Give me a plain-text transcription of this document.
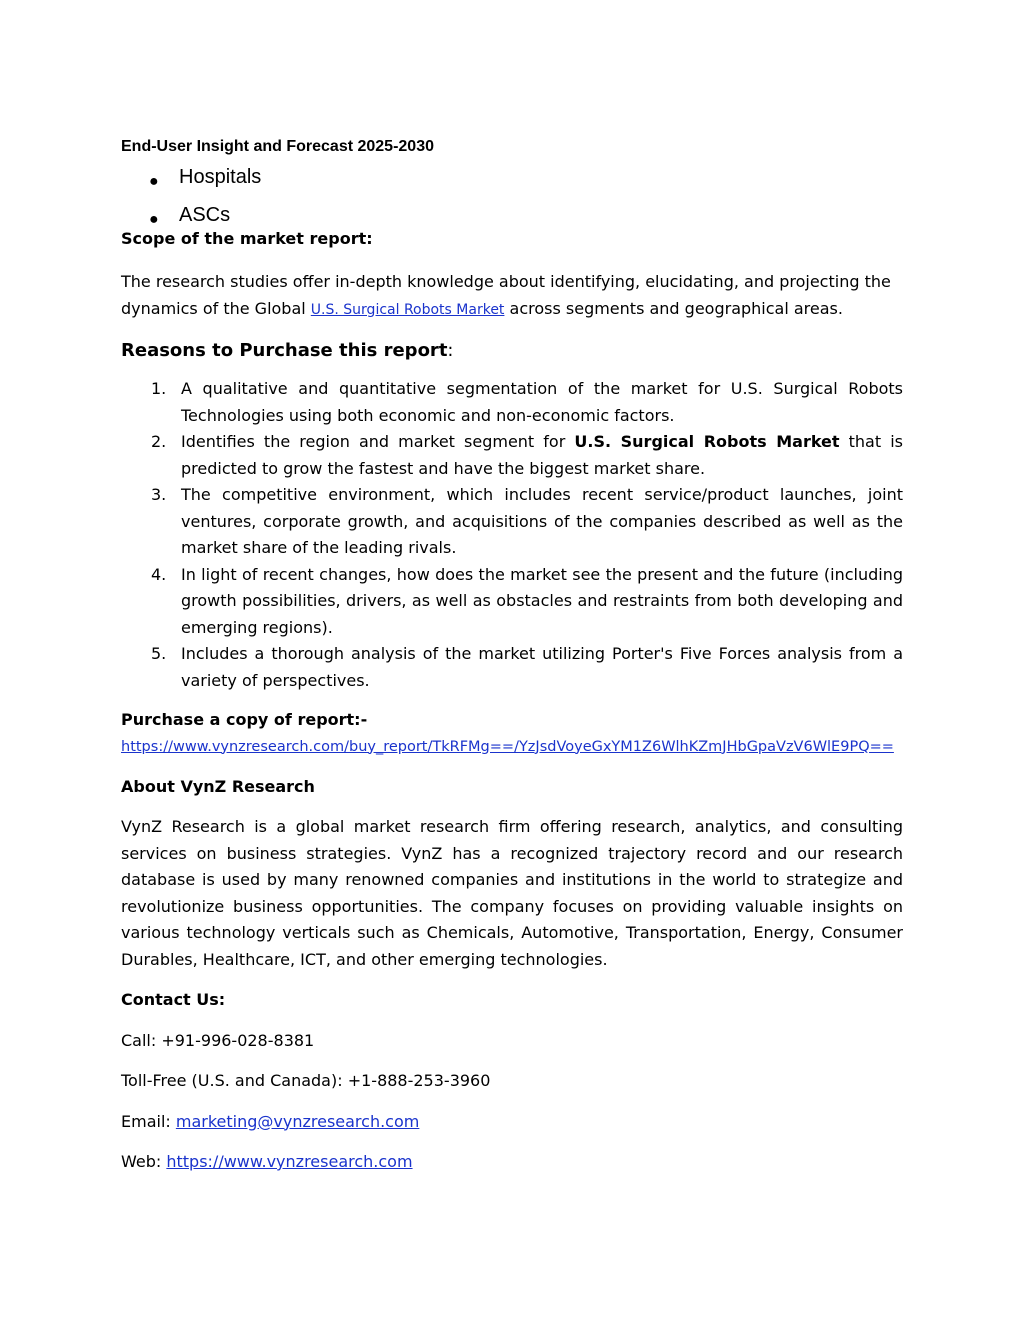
End-User Insight and Forecast 2025-2030

● Hospitals
● ASCs

Scope of the market report:

The research studies offer in-depth knowledge about identifying, elucidating, and projecting the dynamics of the Global U.S. Surgical Robots Market across segments and geographical areas.

Reasons to Purchase this report:

1. A qualitative and quantitative segmentation of the market for U.S. Surgical Robots Technologies using both economic and non-economic factors.
2. Identifies the region and market segment for U.S. Surgical Robots Market that is predicted to grow the fastest and have the biggest market share.
3. The competitive environment, which includes recent service/product launches, joint ventures, corporate growth, and acquisitions of the companies described as well as the market share of the leading rivals.
4. In light of recent changes, how does the market see the present and the future (including growth possibilities, drivers, as well as obstacles and restraints from both developing and emerging regions).
5. Includes a thorough analysis of the market utilizing Porter's Five Forces analysis from a variety of perspectives.

Purchase a copy of report:-

https://www.vynzresearch.com/buy_report/TkRFMg==/YzJsdVoyeGxYM1Z6WlhKZmJHbGpaVzV6WlE9PQ==

About VynZ Research

VynZ Research is a global market research firm offering research, analytics, and consulting services on business strategies. VynZ has a recognized trajectory record and our research database is used by many renowned companies and institutions in the world to strategize and revolutionize business opportunities. The company focuses on providing valuable insights on various technology verticals such as Chemicals, Automotive, Transportation, Energy, Consumer Durables, Healthcare, ICT, and other emerging technologies.

Contact Us:

Call: +91-996-028-8381

Toll-Free (U.S. and Canada): +1-888-253-3960

Email: marketing@vynzresearch.com

Web: https://www.vynzresearch.com
